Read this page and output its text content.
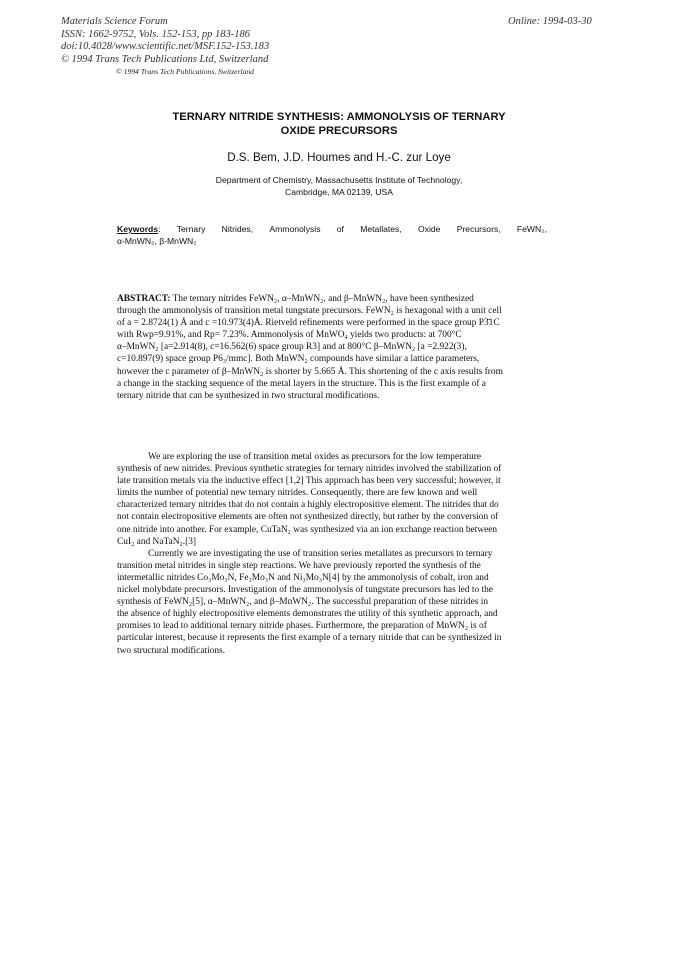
Materials Science Forum
ISSN: 1662-9752, Vols. 152-153, pp 183-186
doi:10.4028/www.scientific.net/MSF.152-153.183
© 1994 Trans Tech Publications Ltd, Switzerland
Online: 1994-03-30
© 1994 Trans Tech Publications, Switzerland
TERNARY NITRIDE SYNTHESIS: AMMONOLYSIS OF TERNARY
OXIDE PRECURSORS
D.S. Bem, J.D. Houmes and H.-C. zur Loye
Department of Chemistry, Massachusetts Institute of Technology,
Cambridge, MA 02139, USA
Keywords: Ternary Nitrides, Ammonolysis of Metallates, Oxide Precursors, FeWN₂,
α-MnWN₂, β-MnWN₂
ABSTRACT: The ternary nitrides FeWN₂, α–MnWN₂, and β–MnWN₂, have been synthesized
through the ammonolysis of transition metal tungstate precursors. FeWN₂ is hexagonal with a unit cell
of a = 2.8724(1) Å and c =10.973(4)Å. Rietveld refinements were performed in the space group P3̄1C
with Rwp=9.91%, and Rp= 7.23%. Ammonolysis of MnWO₄ yields two products: at 700°C
α–MnWN₂ [a=2.914(8), c=16.562(6) space group R3] and at 800°C β–MnWN₂ [a =2.922(3),
c=10.897(9) space group P6₃/mmc]. Both MnWN₂ compounds have similar a lattice parameters,
however the c parameter of β–MnWN₂ is shorter by 5.665 Å. This shortening of the c axis results from
a change in the stacking sequence of the metal layers in the structure. This is the first example of a
ternary nitride that can be synthesized in two structural modifications.
We are exploring the use of transition metal oxides as precursors for the low temperature
synthesis of new nitrides. Previous synthetic strategies for ternary nitrides involved the stabilization of
late transition metals via the inductive effect [1,2] This approach has been very successful; however, it
limits the number of potential new ternary nitrides. Consequently, there are few known and well
characterized ternary nitrides that do not contain a highly electropositive element. The nitrides that do
not contain electropositive elements are often not synthesized directly, but rather by the conversion of
one nitride into another. For example, CuTaN₂ was synthesized via an ion exchange reaction between
CuI₂ and NaTaN₂.[3]
Currently we are investigating the use of transition series metallates as precursors to ternary
transition metal nitrides in single step reactions. We have previously reported the synthesis of the
intermetallic nitrides Co₃Mo₃N, Fe₃Mo₃N and Ni₃Mo₃N[4] by the ammonolysis of cobalt, iron and
nickel molybdate precursors. Investigation of the ammonolysis of tungstate precursors has led to the
synthesis of FeWN₂[5], α–MnWN₂, and β–MnWN₂. The successful preparation of these nitrides in
the absence of highly electropositive elements demonstrates the utility of this synthetic approach, and
promises to lead to additional ternary nitride phases. Furthermore, the preparation of MnWN₂ is of
particular interest, because it represents the first example of a ternary nitride that can be synthesized in
two structural modifications.
